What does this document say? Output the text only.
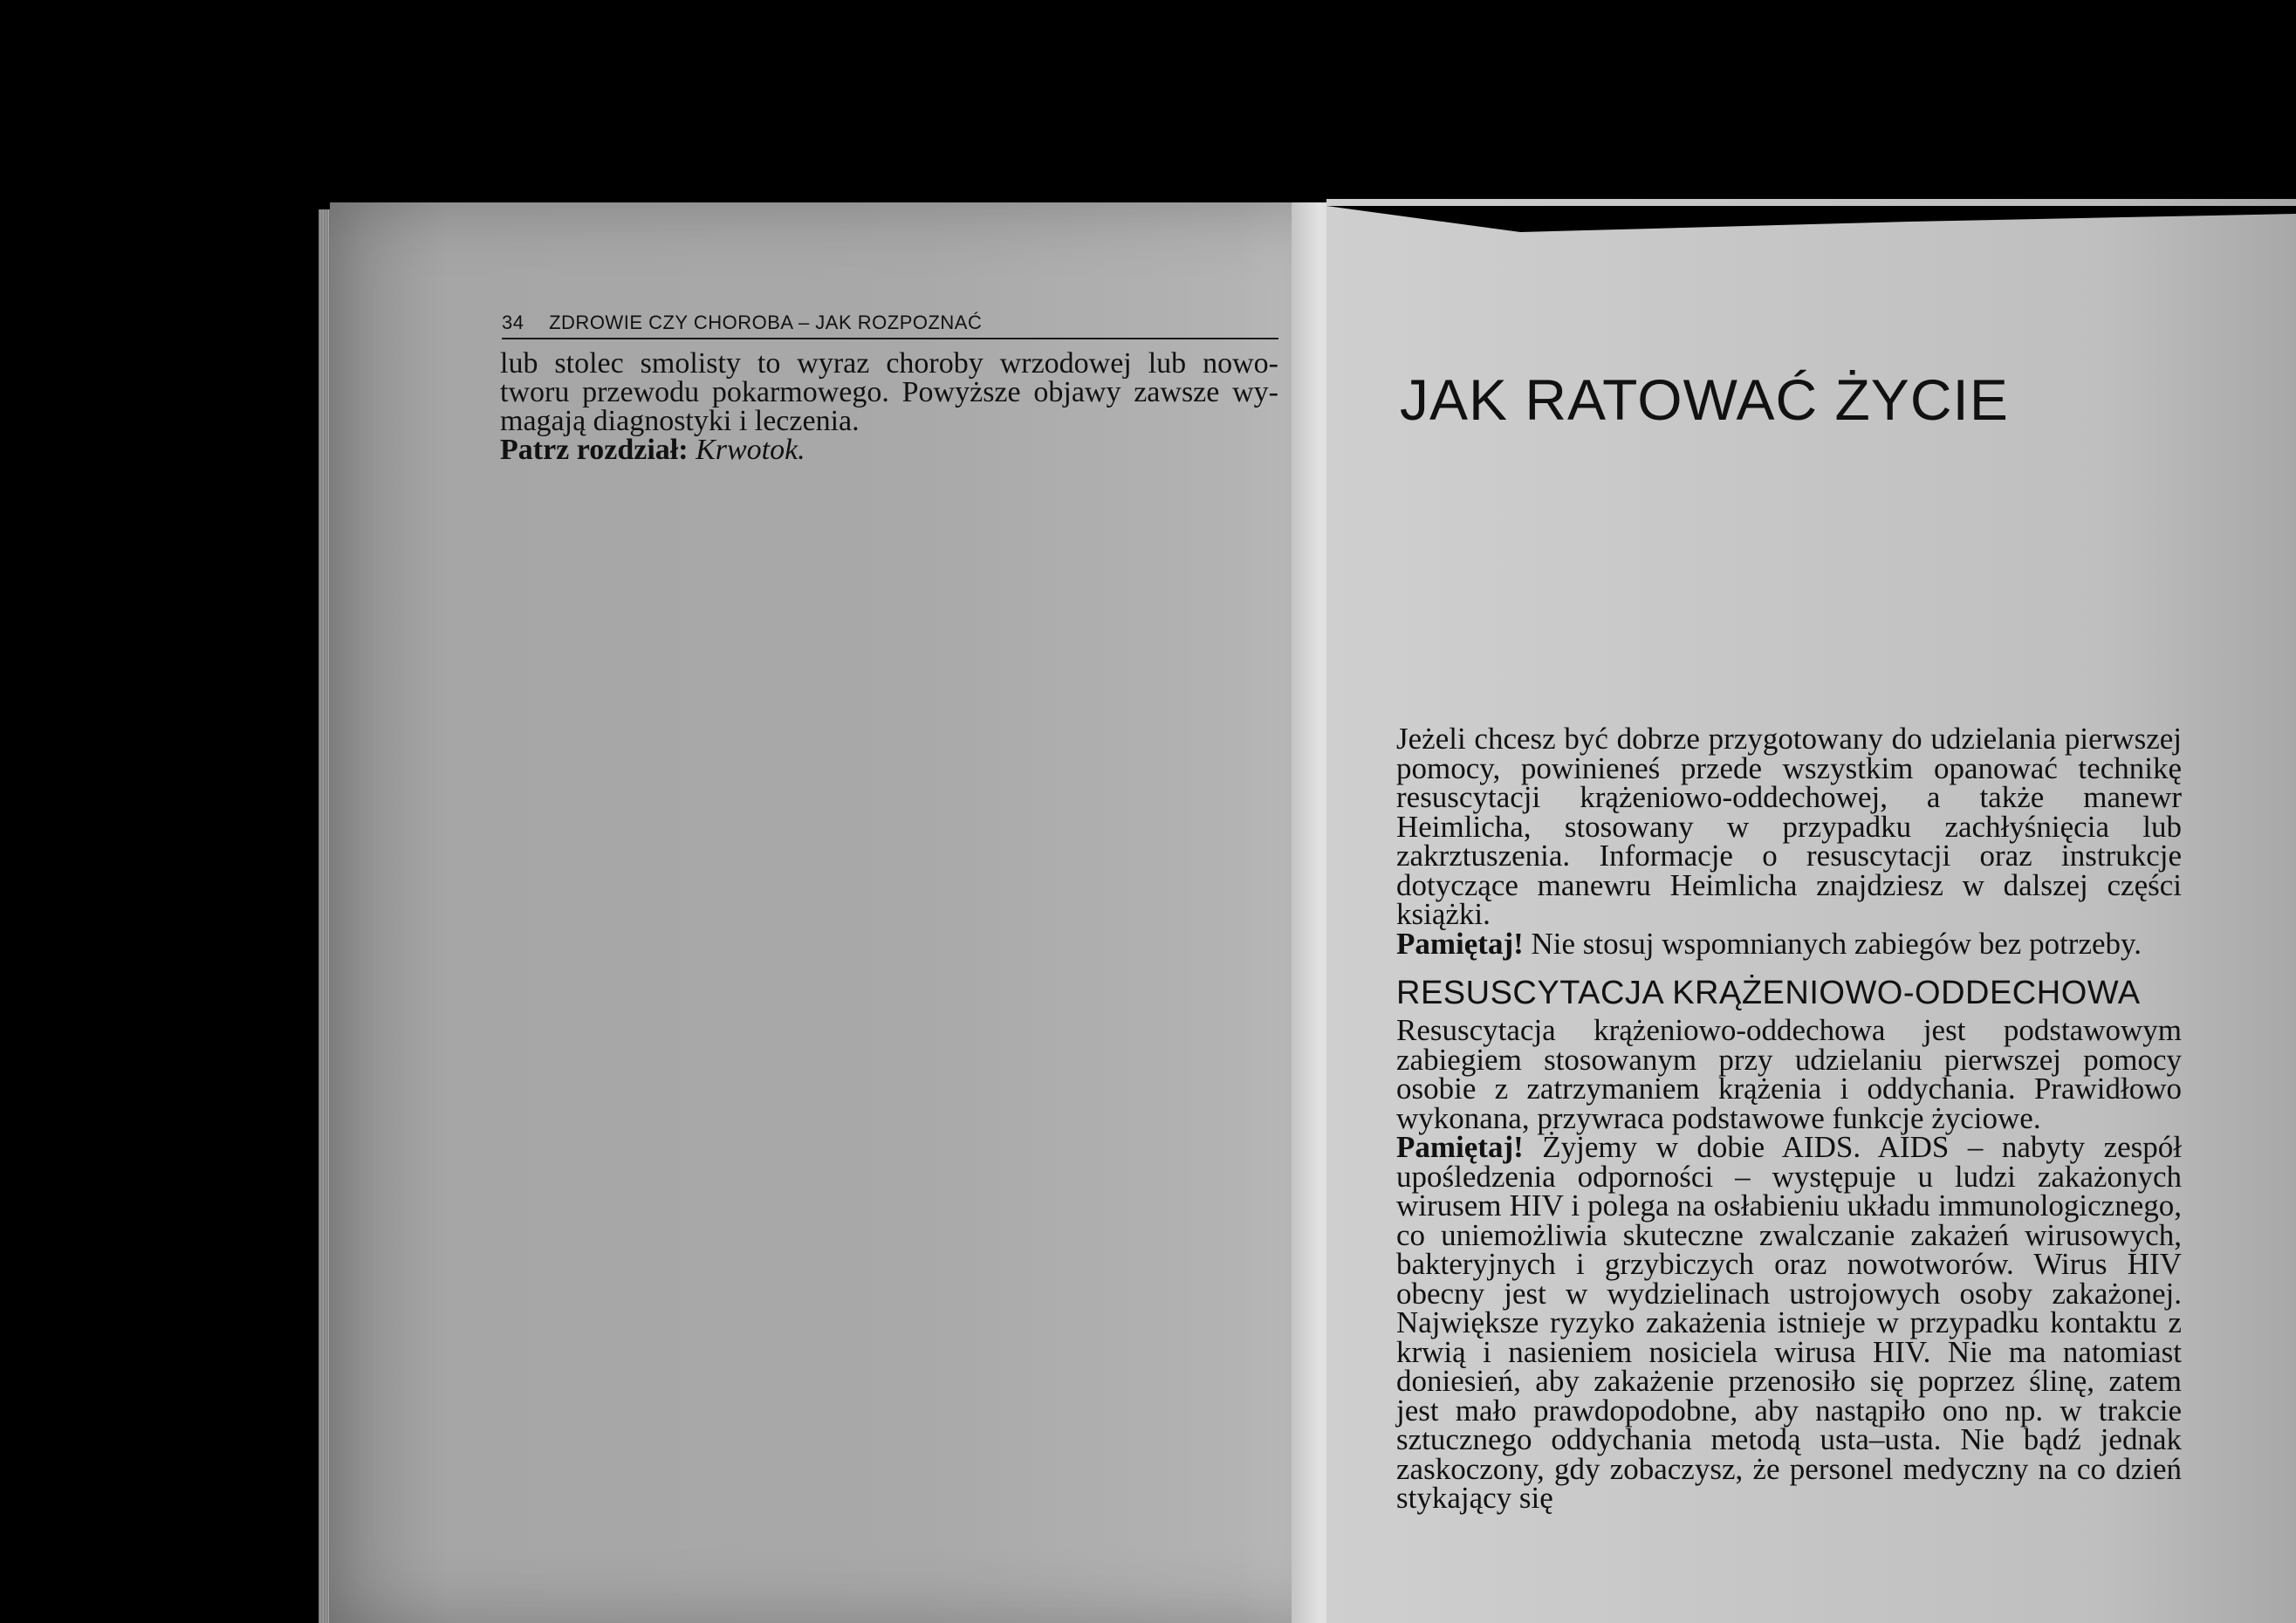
34 ZDROWIE CZY CHOROBA – JAK ROZPOZNAĆ

lub stolec smolisty to wyraz choroby wrzodowej lub nowo-

tworu przewodu pokarmowego. Powyższe objawy zawsze wy-

magają diagnostyki i leczenia.

Patrz rozdział: Krwotok.

JAK RATOWAĆ ŻYCIE

Jeżeli chcesz być dobrze przygotowany do udzielania pierwszej pomocy, powinieneś przede wszystkim opanować technikę resuscytacji krążeniowo-oddechowej, a także manewr Heimlicha, stosowany w przypadku zachłyśnięcia lub zakrztuszenia. Informacje o resuscytacji oraz instrukcje dotyczące manewru Heimlicha znajdziesz w dalszej części książki.

Pamiętaj! Nie stosuj wspomnianych zabiegów bez potrzeby.

RESUSCYTACJA KRĄŻENIOWO-ODDECHOWA

Resuscytacja krążeniowo-oddechowa jest podstawowym zabiegiem stosowanym przy udzielaniu pierwszej pomocy osobie z zatrzymaniem krążenia i oddychania. Prawidłowo wykonana, przywraca podstawowe funkcje życiowe.

Pamiętaj! Żyjemy w dobie AIDS. AIDS – nabyty zespół upośledzenia odporności – występuje u ludzi zakażonych wirusem HIV i polega na osłabieniu układu immunologicznego, co uniemożliwia skuteczne zwalczanie zakażeń wirusowych, bakteryjnych i grzybiczych oraz nowotworów. Wirus HIV obecny jest w wydzielinach ustrojowych osoby zakażonej. Największe ryzyko zakażenia istnieje w przypadku kontaktu z krwią i nasieniem nosiciela wirusa HIV. Nie ma natomiast doniesień, aby zakażenie przenosiło się poprzez ślinę, zatem jest mało prawdopodobne, aby nastąpiło ono np. w trakcie sztucznego oddychania metodą usta–usta. Nie bądź jednak zaskoczony, gdy zobaczysz, że personel medyczny na co dzień stykający się
